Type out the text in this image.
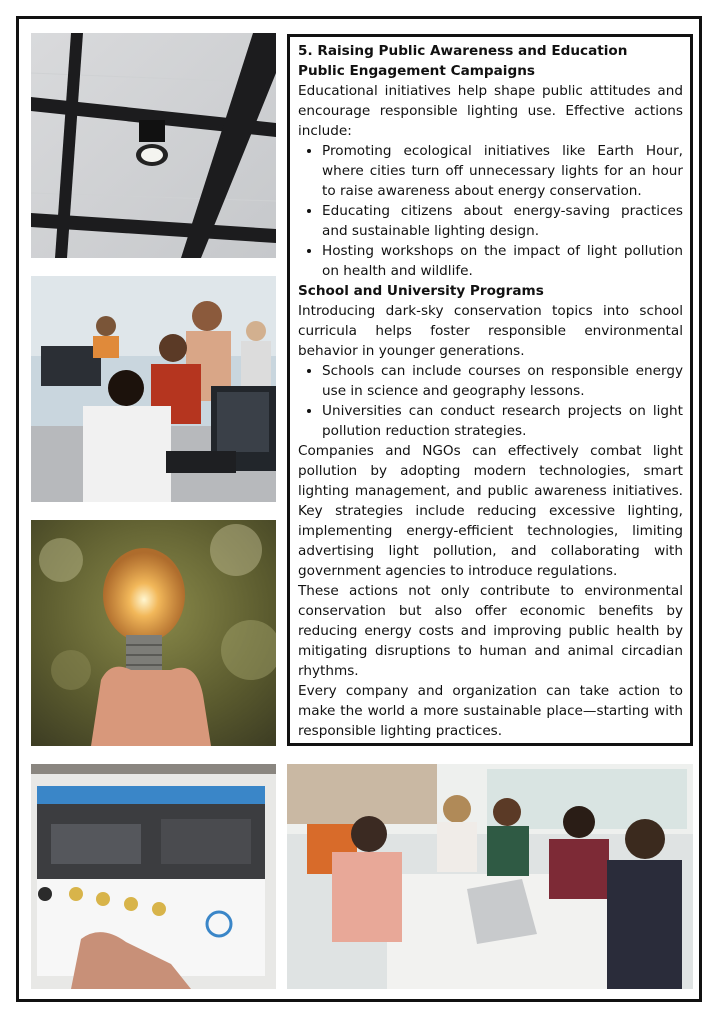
5. Raising Public Awareness and Education
Public Engagement Campaigns

Educational initiatives help shape public attitudes and encourage responsible lighting use. Effective actions include:

• Promoting ecological initiatives like Earth Hour, where cities turn off unnecessary lights for an hour to raise awareness about energy conservation.
• Educating citizens about energy-saving practices and sustainable lighting design.
• Hosting workshops on the impact of light pollution on health and wildlife.
School and University Programs

Introducing dark-sky conservation topics into school curricula helps foster responsible environmental behavior in younger generations.

• Schools can include courses on responsible energy use in science and geography lessons.
• Universities can conduct research projects on light pollution reduction strategies.

Companies and NGOs can effectively combat light pollution by adopting modern technologies, smart lighting management, and public awareness initiatives. Key strategies include reducing excessive lighting, implementing energy-efficient technologies, limiting advertising light pollution, and collaborating with government agencies to introduce regulations.

These actions not only contribute to environmental conservation but also offer economic benefits by reducing energy costs and improving public health by mitigating disruptions to human and animal circadian rhythms.

Every company and organization can take action to make the world a more sustainable place—starting with responsible lighting practices.
